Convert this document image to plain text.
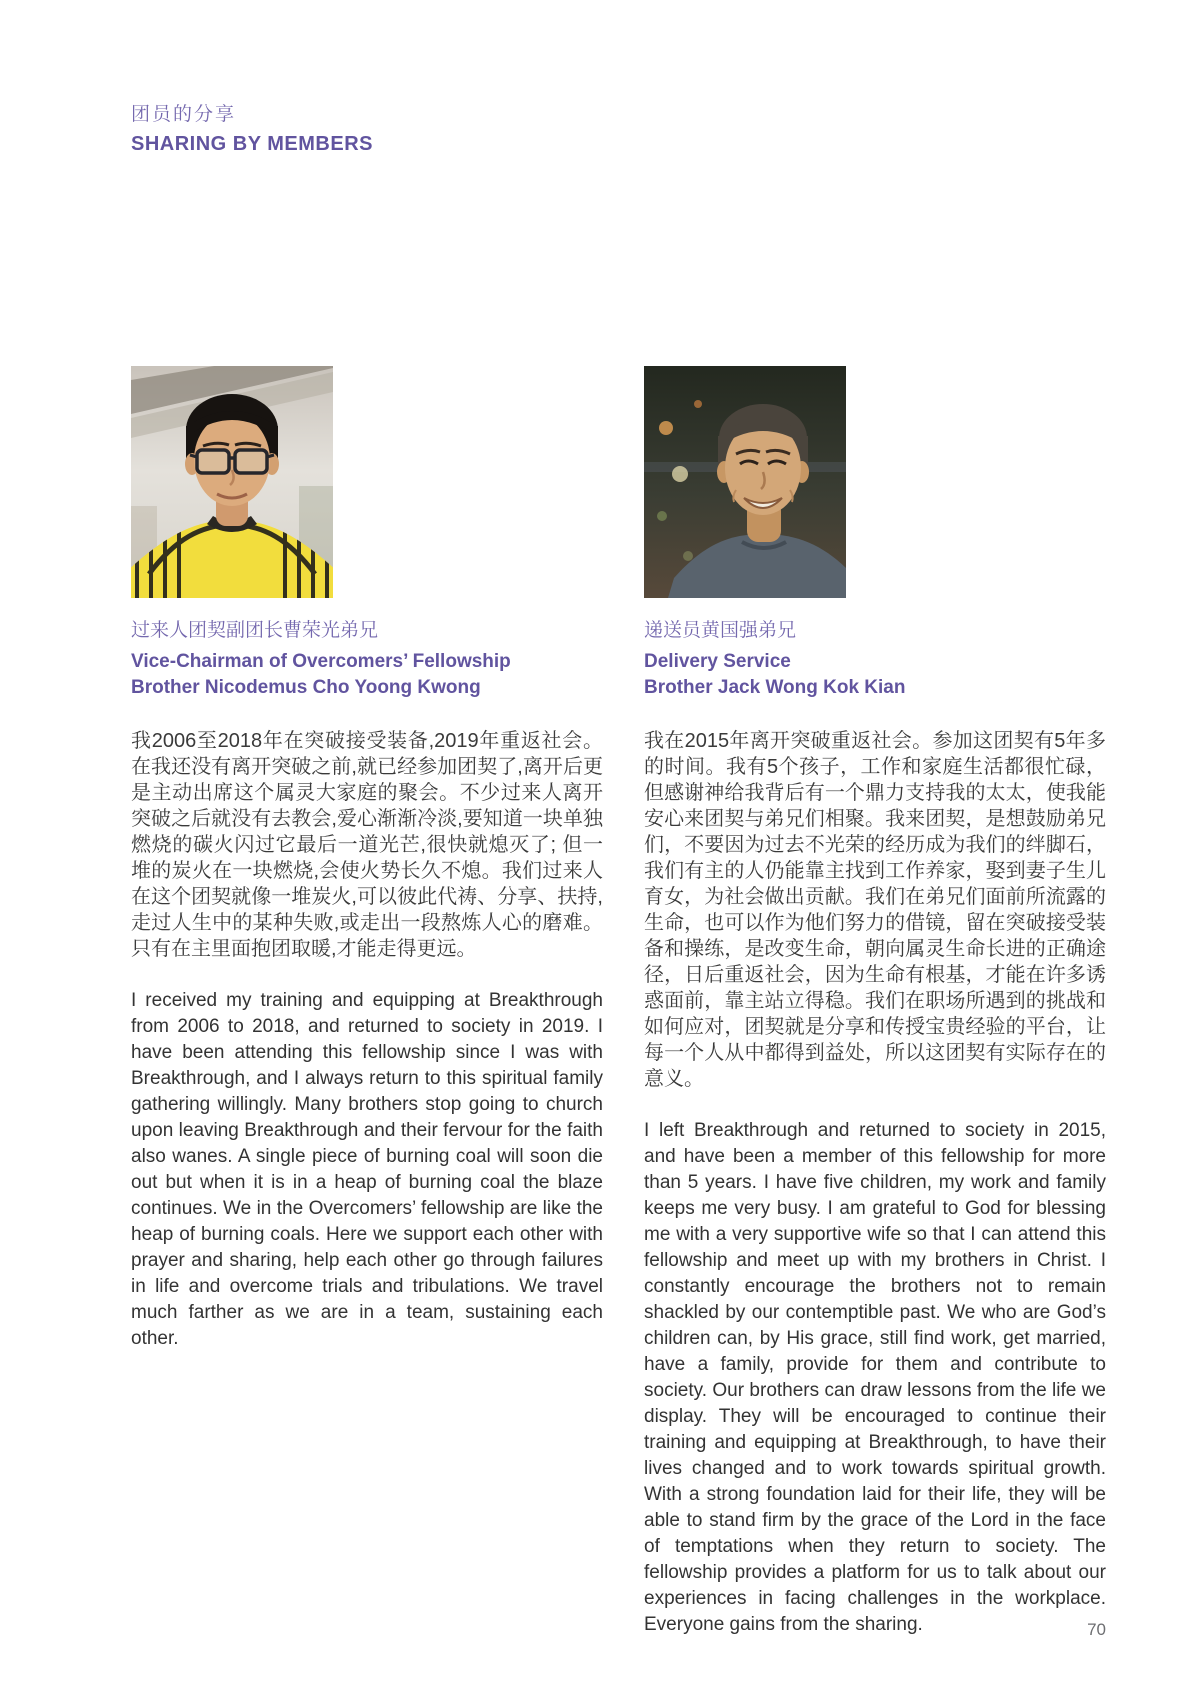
团员的分享
SHARING BY MEMBERS
过来人团契副团长曹荣光弟兄
Vice-Chairman of Overcomers’ Fellowship
Brother Nicodemus Cho Yoong Kwong

我2006至2018年在突破接受装备,2019年重返社会。在我还没有离开突破之前,就已经参加团契了,离开后更是主动出席这个属灵大家庭的聚会。不少过来人离开突破之后就没有去教会,爱心渐渐冷淡,要知道一块单独燃烧的碳火闪过它最后一道光芒,很快就熄灭了; 但一堆的炭火在一块燃烧,会使火势长久不熄。我们过来人在这个团契就像一堆炭火,可以彼此代祷、分享、扶持,走过人生中的某种失败,或走出一段熬炼人心的磨难。只有在主里面抱团取暖,才能走得更远。

I received my training and equipping at Breakthrough from 2006 to 2018, and returned to society in 2019. I have been attending this fellowship since I was with Breakthrough, and I always return to this spiritual family gathering willingly. Many brothers stop going to church upon leaving Breakthrough and their fervour for the faith also wanes. A single piece of burning coal will soon die out but when it is in a heap of burning coal the blaze continues. We in the Overcomers’ fellowship are like the heap of burning coals. Here we support each other with prayer and sharing, help each other go through failures in life and overcome trials and tribulations. We travel much farther as we are in a team, sustaining each other.

递送员黄国强弟兄
Delivery Service
Brother Jack Wong Kok Kian

我在2015年离开突破重返社会。参加这团契有5年多的时间。我有5个孩子，工作和家庭生活都很忙碌，但感谢神给我背后有一个鼎力支持我的太太，使我能安心来团契与弟兄们相聚。我来团契，是想鼓励弟兄们，不要因为过去不光荣的经历成为我们的绊脚石，我们有主的人仍能靠主找到工作养家，娶到妻子生儿育女，为社会做出贡献。我们在弟兄们面前所流露的生命，也可以作为他们努力的借镜，留在突破接受装备和操练，是改变生命，朝向属灵生命长进的正确途径，日后重返社会，因为生命有根基，才能在许多诱惑面前，靠主站立得稳。我们在职场所遇到的挑战和如何应对，团契就是分享和传授宝贵经验的平台，让每一个人从中都得到益处，所以这团契有实际存在的意义。

I left Breakthrough and returned to society in 2015, and have been a member of this fellowship for more than 5 years. I have five children, my work and family keeps me very busy. I am grateful to God for blessing me with a very supportive wife so that I can attend this fellowship and meet up with my brothers in Christ. I constantly encourage the brothers not to remain shackled by our contemptible past. We who are God’s children can, by His grace, still find work, get married, have a family, provide for them and contribute to society. Our brothers can draw lessons from the life we display. They will be encouraged to continue their training and equipping at Breakthrough, to have their lives changed and to work towards spiritual growth. With a strong foundation laid for their life, they will be able to stand firm by the grace of the Lord in the face of temptations when they return to society. The fellowship provides a platform for us to talk about our experiences in facing challenges in the workplace. Everyone gains from the sharing.	70
